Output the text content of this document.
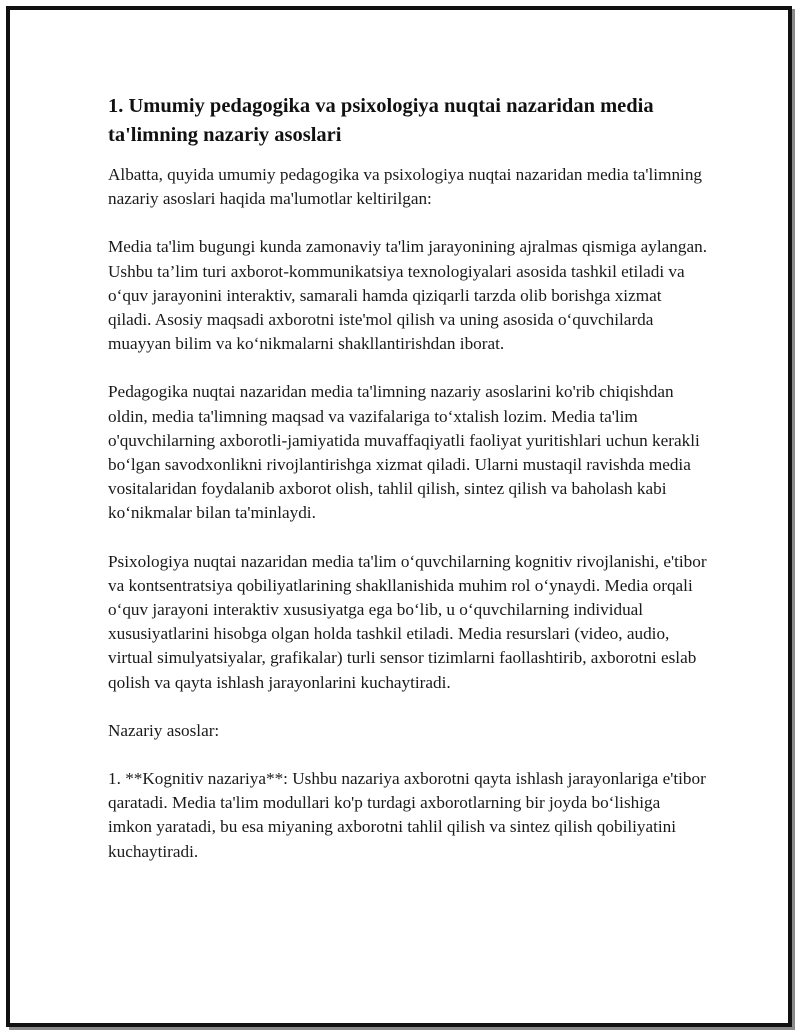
1. Umumiy pedagogika va psixologiya nuqtai nazaridan media ta'limning nazariy asoslari

Albatta, quyida umumiy pedagogika va psixologiya nuqtai nazaridan media ta'limning nazariy asoslari haqida ma'lumotlar keltirilgan:

Media ta'lim bugungi kunda zamonaviy ta'lim jarayonining ajralmas qismiga aylangan. Ushbu ta’lim turi axborot-kommunikatsiya texnologiyalari asosida tashkil etiladi va o‘quv jarayonini interaktiv, samarali hamda qiziqarli tarzda olib borishga xizmat qiladi. Asosiy maqsadi axborotni iste'mol qilish va uning asosida o‘quvchilarda muayyan bilim va ko‘nikmalarni shakllantirishdan iborat.

Pedagogika nuqtai nazaridan media ta'limning nazariy asoslarini ko'rib chiqishdan oldin, media ta'limning maqsad va vazifalariga to‘xtalish lozim. Media ta'lim o'quvchilarning axborotli-jamiyatida muvaffaqiyatli faoliyat yuritishlari uchun kerakli bo‘lgan savodxonlikni rivojlantirishga xizmat qiladi. Ularni mustaqil ravishda media vositalaridan foydalanib axborot olish, tahlil qilish, sintez qilish va baholash kabi ko‘nikmalar bilan ta'minlaydi.

Psixologiya nuqtai nazaridan media ta'lim o‘quvchilarning kognitiv rivojlanishi, e'tibor va kontsentratsiya qobiliyatlarining shakllanishida muhim rol o‘ynaydi. Media orqali o‘quv jarayoni interaktiv xususiyatga ega bo‘lib, u o‘quvchilarning individual xususiyatlarini hisobga olgan holda tashkil etiladi. Media resurslari (video, audio, virtual simulyatsiyalar, grafikalar) turli sensor tizimlarni faollashtirib, axborotni eslab qolish va qayta ishlash jarayonlarini kuchaytiradi.

Nazariy asoslar:

1. **Kognitiv nazariya**: Ushbu nazariya axborotni qayta ishlash jarayonlariga e'tibor qaratadi. Media ta'lim modullari ko'p turdagi axborotlarning bir joyda bo‘lishiga imkon yaratadi, bu esa miyaning axborotni tahlil qilish va sintez qilish qobiliyatini kuchaytiradi.
